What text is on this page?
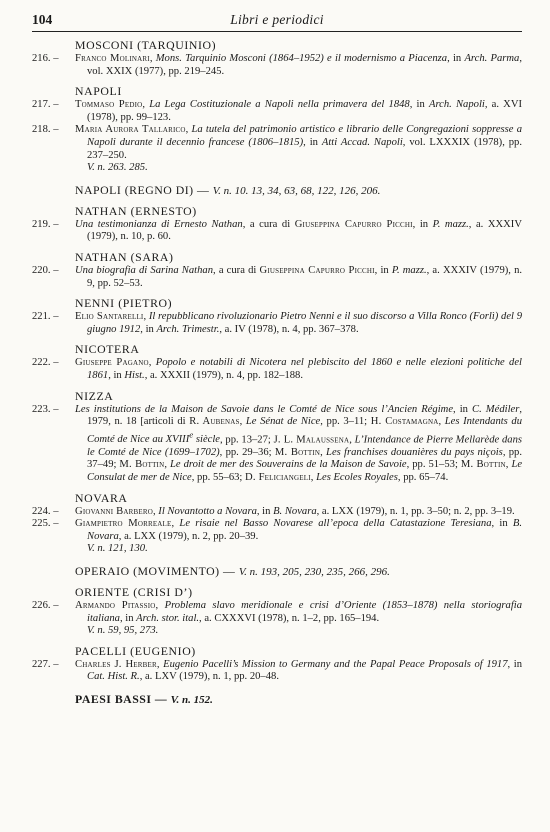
104	Libri e periodici
MOSCONI (TARQUINIO)
216. –	Franco Molinari, Mons. Tarquinio Mosconi (1864–1952) e il modernismo a Piacenza, in Arch. Parma, vol. XXIX (1977), pp. 219–245.
NAPOLI
217. –	Tommaso Pedio, La Lega Costituzionale a Napoli nella primavera del 1848, in Arch. Napoli, a. XVI (1978), pp. 99–123.
218. –	Maria Aurora Tallarico, La tutela del patrimonio artistico e librario delle Congregazioni soppresse a Napoli durante il decennio francese (1806–1815), in Atti Accad. Napoli, vol. LXXXIX (1978), pp. 237–250.
V. n. 263. 285.
NAPOLI (REGNO DI) — V. n. 10. 13, 34, 63, 68, 122, 126, 206.
NATHAN (ERNESTO)
219. –	Una testimonianza di Ernesto Nathan, a cura di Giuseppina Capurro Picchi, in P. mazz., a. XXXIV (1979), n. 10, p. 60.
NATHAN (SARA)
220. –	Una biografia di Sarina Nathan, a cura di Giuseppina Capurro Picchi, in P. mazz., a. XXXIV (1979), n. 9, pp. 52–53.
NENNI (PIETRO)
221. –	Elio Santarelli, Il repubblicano rivoluzionario Pietro Nenni e il suo discorso a Villa Ronco (Forlì) del 9 giugno 1912, in Arch. Trimestr., a. IV (1978), n. 4, pp. 367–378.
NICOTERA
222. –	Giuseppe Pagano, Popolo e notabili di Nicotera nel plebiscito del 1860 e nelle elezioni politiche del 1861, in Hist., a. XXXII (1979), n. 4, pp. 182–188.
NIZZA
223. –	Les institutions de la Maison de Savoie dans le Comté de Nice sous l’Ancien Régime, in C. Médiler, 1979, n. 18 [articoli di R. Aubenas, Le Sénat de Nice, pp. 3–11; H. Costamagna, Les Intendants du Comté de Nice au XVIIIe siècle, pp. 13–27; J. L. Malaussena, L’Intendance de Pierre Mellarède dans le Comté de Nice (1699–1702), pp. 29–36; M. Bottin, Les franchises douanières du pays niçois, pp. 37–49; M. Bottin, Le droit de mer des Souverains de la Maison de Savoie, pp. 51–53; M. Bottin, Le Consulat de mer de Nice, pp. 55–63; D. Feliciangeli, Les Ecoles Royales, pp. 65–74.
NOVARA
224. –	Giovanni Barbero, Il Novantotto a Novara, in B. Novara, a. LXX (1979), n. 1, pp. 3–50; n. 2, pp. 3–19.
225. –	Giampietro Morreale, Le risaie nel Basso Novarese all’epoca della Catastazione Teresiana, in B. Novara, a. LXX (1979), n. 2, pp. 20–39.
V. n. 121, 130.
OPERAIO (MOVIMENTO) — V. n. 193, 205, 230, 235, 266, 296.
ORIENTE (CRISI D’)
226. –	Armando Pitassio, Problema slavo meridionale e crisi d’Oriente (1853–1878) nella storiografia italiana, in Arch. stor. ital., a. CXXXVI (1978), n. 1–2, pp. 165–194.
V. n. 59, 95, 273.
PACELLI (EUGENIO)
227. –	Charles J. Herber, Eugenio Pacelli’s Mission to Germany and the Papal Peace Proposals of 1917, in Cat. Hist. R., a. LXV (1979), n. 1, pp. 20–48.
PAESI BASSI — V. n. 152.
